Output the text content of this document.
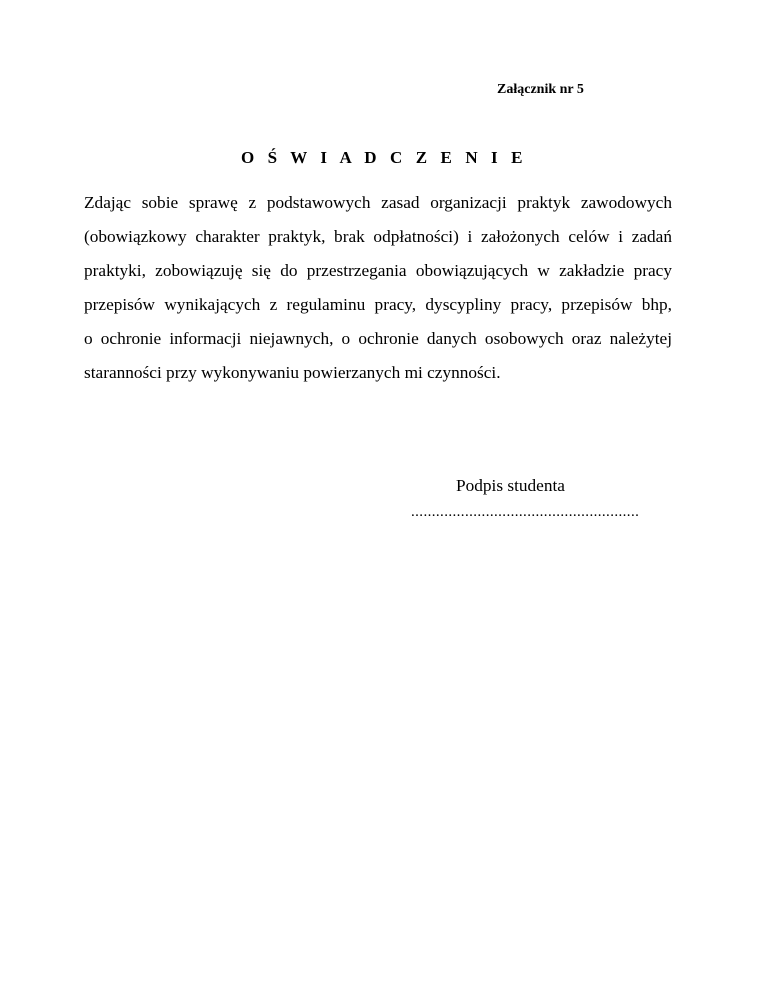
Załącznik nr 5
O Ś W I A D C Z E N I E
Zdając sobie sprawę z podstawowych zasad organizacji praktyk zawodowych
(obowiązkowy charakter praktyk, brak odpłatności) i założonych celów i zadań
praktyki, zobowiązuję się do przestrzegania obowiązujących w zakładzie pracy
przepisów wynikających z regulaminu pracy, dyscypliny pracy, przepisów bhp,
o ochronie informacji niejawnych, o ochronie danych osobowych oraz należytej
staranności przy wykonywaniu powierzanych mi czynności.
Podpis studenta
.......................................................
